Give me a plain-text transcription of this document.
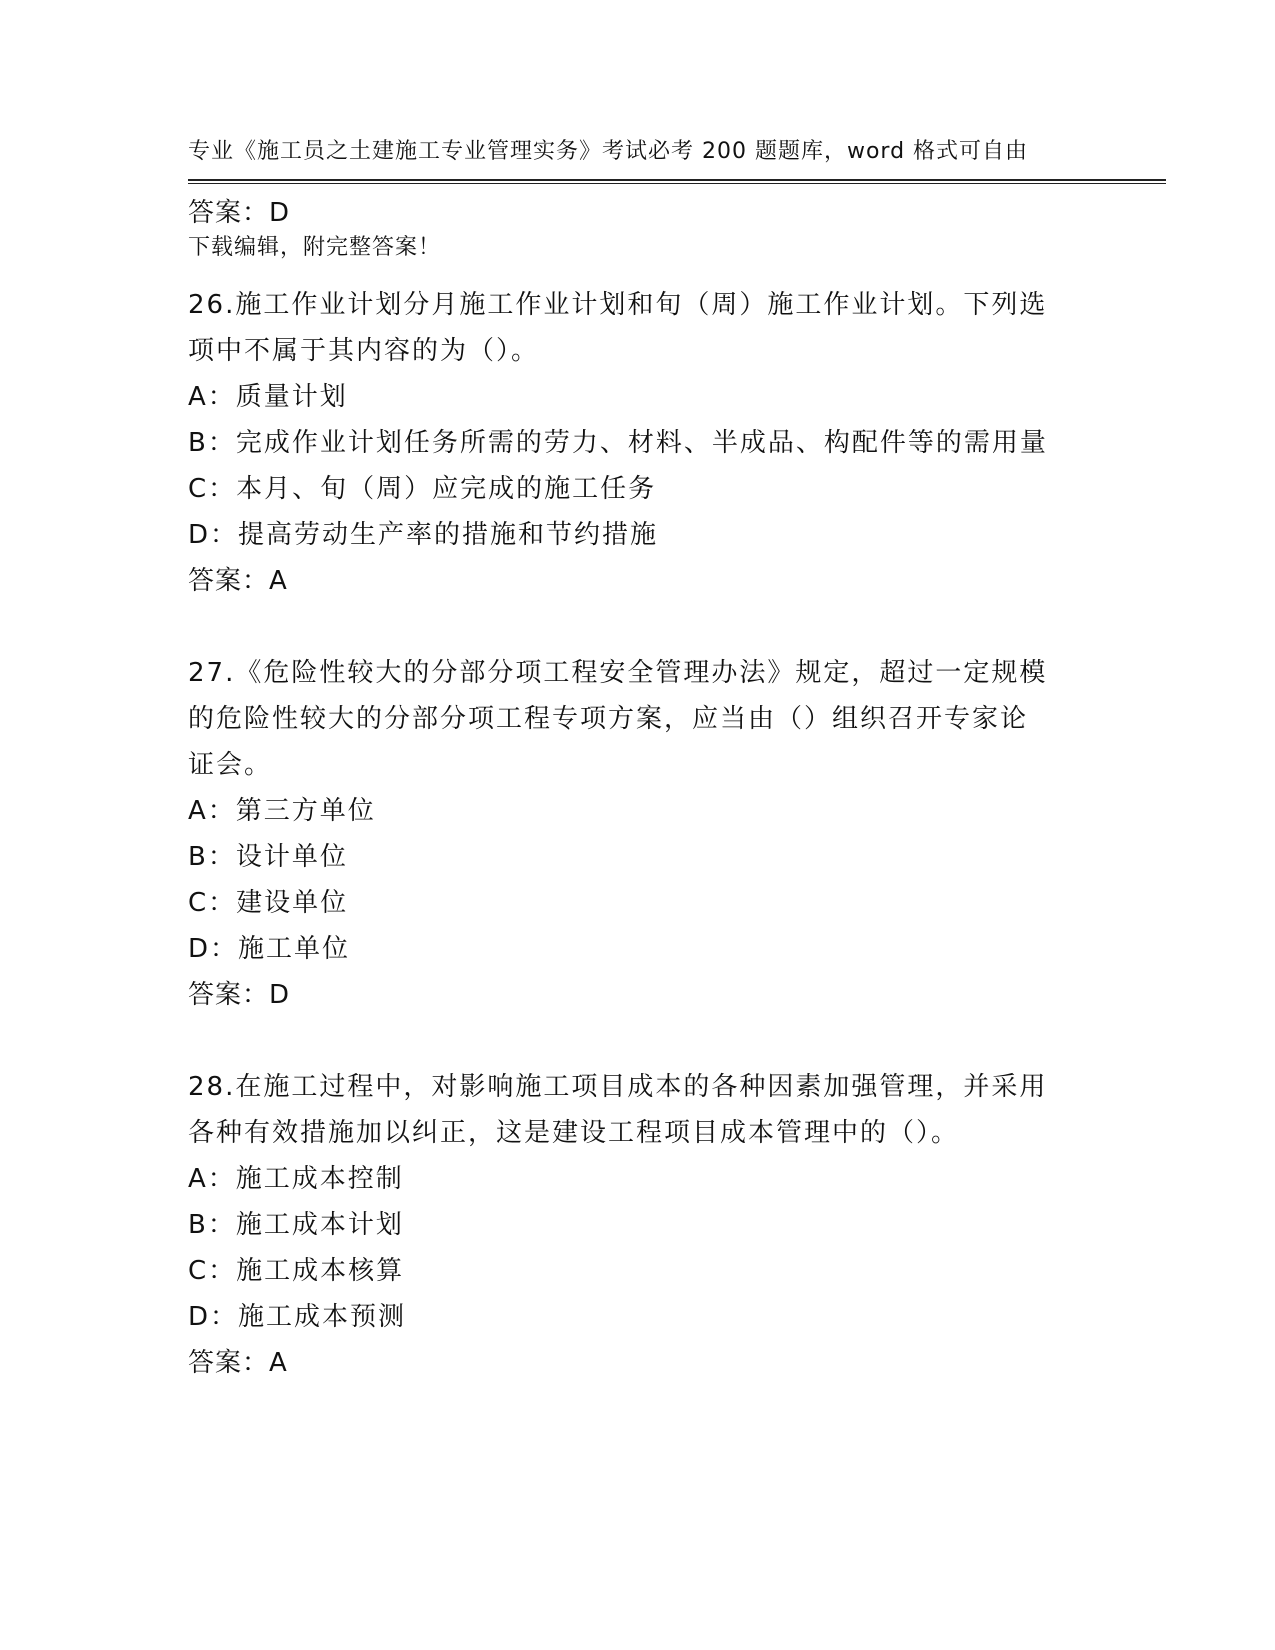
专业《施工员之土建施工专业管理实务》考试必考 200 题题库，word 格式可自由

下载编辑，附完整答案！

答案：D
26.施工作业计划分月施工作业计划和旬（周）施工作业计划。下列选
项中不属于其内容的为（）。
A：质量计划
B：完成作业计划任务所需的劳力、材料、半成品、构配件等的需用量
C：本月、旬（周）应完成的施工任务
D：提高劳动生产率的措施和节约措施
答案：A
27.《危险性较大的分部分项工程安全管理办法》规定，超过一定规模
的危险性较大的分部分项工程专项方案，应当由（）组织召开专家论
证会。
A：第三方单位
B：设计单位
C：建设单位
D：施工单位
答案：D
28.在施工过程中，对影响施工项目成本的各种因素加强管理，并采用
各种有效措施加以纠正，这是建设工程项目成本管理中的（）。
A：施工成本控制
B：施工成本计划
C：施工成本核算
D：施工成本预测
答案：A
